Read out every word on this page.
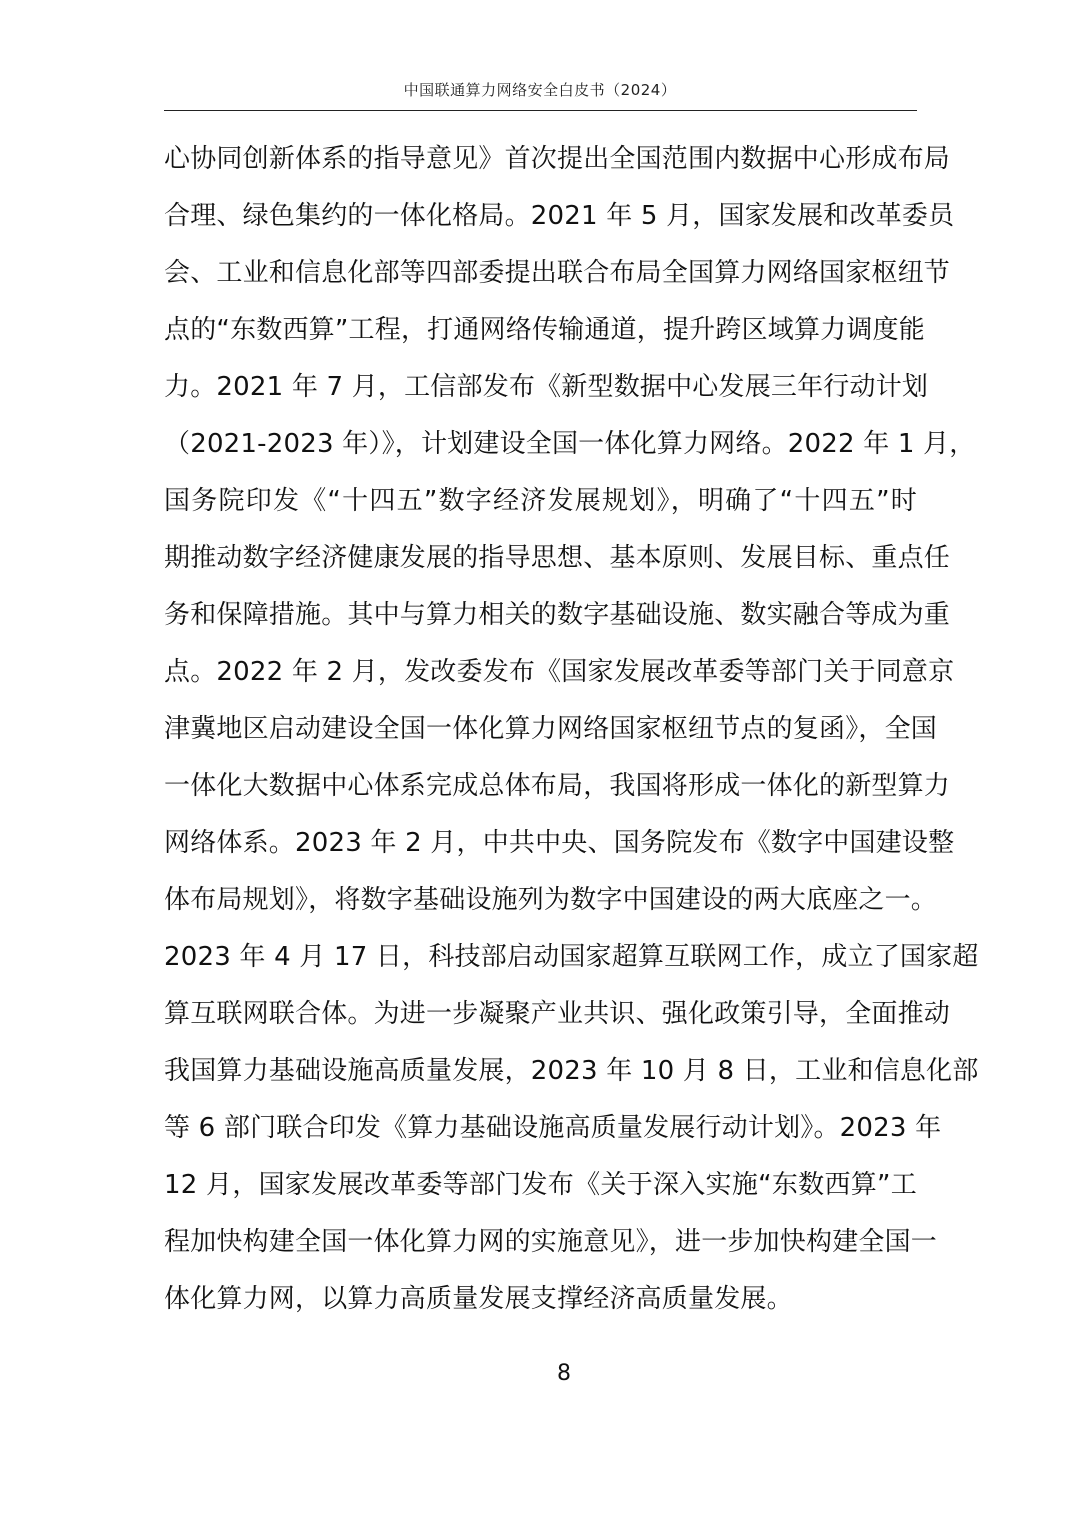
中国联通算力网络安全白皮书（2024）
心协同创新体系的指导意见》首次提出全国范围内数据中心形成布局
合理、绿色集约的一体化格局。2021 年 5 月，国家发展和改革委员
会、工业和信息化部等四部委提出联合布局全国算力网络国家枢纽节
点的“东数西算”工程，打通网络传输通道，提升跨区域算力调度能
力。2021 年 7 月，工信部发布《新型数据中心发展三年行动计划
（2021-2023 年）》，计划建设全国一体化算力网络。2022 年 1 月，
国务院印发《“十四五”数字经济发展规划》，明确了“十四五”时
期推动数字经济健康发展的指导思想、基本原则、发展目标、重点任
务和保障措施。其中与算力相关的数字基础设施、数实融合等成为重
点。2022 年 2 月，发改委发布《国家发展改革委等部门关于同意京
津冀地区启动建设全国一体化算力网络国家枢纽节点的复函》，全国
一体化大数据中心体系完成总体布局，我国将形成一体化的新型算力
网络体系。2023 年 2 月，中共中央、国务院发布《数字中国建设整
体布局规划》，将数字基础设施列为数字中国建设的两大底座之一。
2023 年 4 月 17 日，科技部启动国家超算互联网工作，成立了国家超
算互联网联合体。为进一步凝聚产业共识、强化政策引导，全面推动
我国算力基础设施高质量发展，2023 年 10 月 8 日，工业和信息化部
等 6 部门联合印发《算力基础设施高质量发展行动计划》。2023 年
12 月，国家发展改革委等部门发布《关于深入实施“东数西算”工
程加快构建全国一体化算力网的实施意见》，进一步加快构建全国一
体化算力网，以算力高质量发展支撑经济高质量发展。
8
